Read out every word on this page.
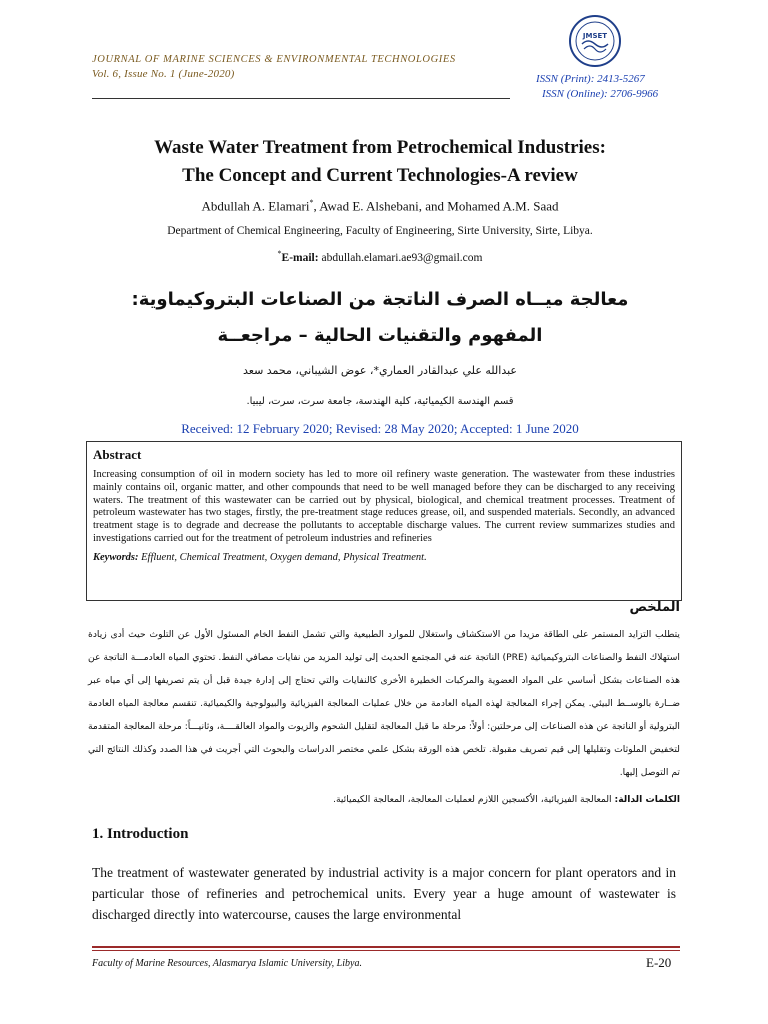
JOURNAL OF MARINE SCIENCES & ENVIRONMENTAL TECHNOLOGIES
Vol. 6, Issue No. 1 (June-2020)
JMSET
ISSN (Print): 2413-5267
ISSN (Online): 2706-9966
Waste Water Treatment from Petrochemical Industries:
The Concept and Current Technologies-A review
Abdullah A. Elamari*, Awad E. Alshebani, and Mohamed A.M. Saad
Department of Chemical Engineering, Faculty of Engineering, Sirte University, Sirte, Libya.
*E-mail: abdullah.elamari.ae93@gmail.com
معالجة ميــاه الصرف الناتجة من الصناعات البتروكيماوية:
المفهوم والتقنيات الحالية – مراجعــة
عبدالله علي عبدالقادر العماري*، عوض الشيباني، محمد سعد
قسم الهندسة الكيميائية، كلية الهندسة، جامعة سرت، سرت، ليبيا.
Received: 12 February 2020; Revised: 28 May 2020; Accepted: 1 June 2020
Abstract

Increasing consumption of oil in modern society has led to more oil refinery waste generation. The wastewater from these industries mainly contains oil, organic matter, and other compounds that need to be well managed before they can be discharged to any receiving waters. The treatment of this wastewater can be carried out by physical, biological, and chemical treatment processes. Treatment of petroleum wastewater has two stages, firstly, the pre-treatment stage reduces grease, oil, and suspended materials. Secondly, an advanced treatment stage is to degrade and decrease the pollutants to acceptable discharge values. The current review summarizes studies and investigations carried out for the treatment of petroleum industries and refineries

Keywords: Effluent, Chemical Treatment, Oxygen demand, Physical Treatment.
الملخص

يتطلب التزايد المستمر على الطاقة مزيدا من الاستكشاف واستغلال للموارد الطبيعية والتي تشمل النفط الخام المسئول الأول عن التلوث حيث أدى زيادة استهلاك النفط والصناعات البتروكيميائية (PRE) الناتجة عنه في المجتمع الحديث إلى توليد المزيد من نفايات مصافي النفط. تحتوي المياه العادمـــة الناتجة عن هذه الصناعات بشكل أساسي على المواد العضوية والمركبات الخطيرة الأخرى كالنفايات والتي تحتاج إلى إدارة جيدة قبل أن يتم تصريفها إلى أي مياه عبر ضــارة بالوســط البيئي. يمكن إجراء المعالجة لهذه المياه العادمة من خلال عمليات المعالجة الفيزيائية والبيولوجية والكيميائية. تنقسم معالجة المياه العادمة البترولية أو الناتجة عن هذه الصناعات إلى مرحلتين: أولاً: مرحلة ما قبل المعالجة لتقليل الشحوم والزيوت والمواد العالقــــة، وثانيـــاً: مرحلة المعالجة المتقدمة لتخفيض الملوثات وتقليلها إلى قيم تصريف مقبولة. تلخص هذه الورقة بشكل علمي مختصر الدراسات والبحوث التي أجريت في هذا الصدد وكذلك النتائج التي تم التوصل إليها.

الكلمات الدالة: المعالجة الفيزيائية، الأكسجين اللازم لعمليات المعالجة، المعالجة الكيميائية.
1. Introduction
The treatment of wastewater generated by industrial activity is a major concern for plant operators and in particular those of refineries and petrochemical units. Every year a huge amount of wastewater is discharged directly into watercourse, causes the large environmental
Faculty of Marine Resources, Alasmarya Islamic University, Libya.	E-20
